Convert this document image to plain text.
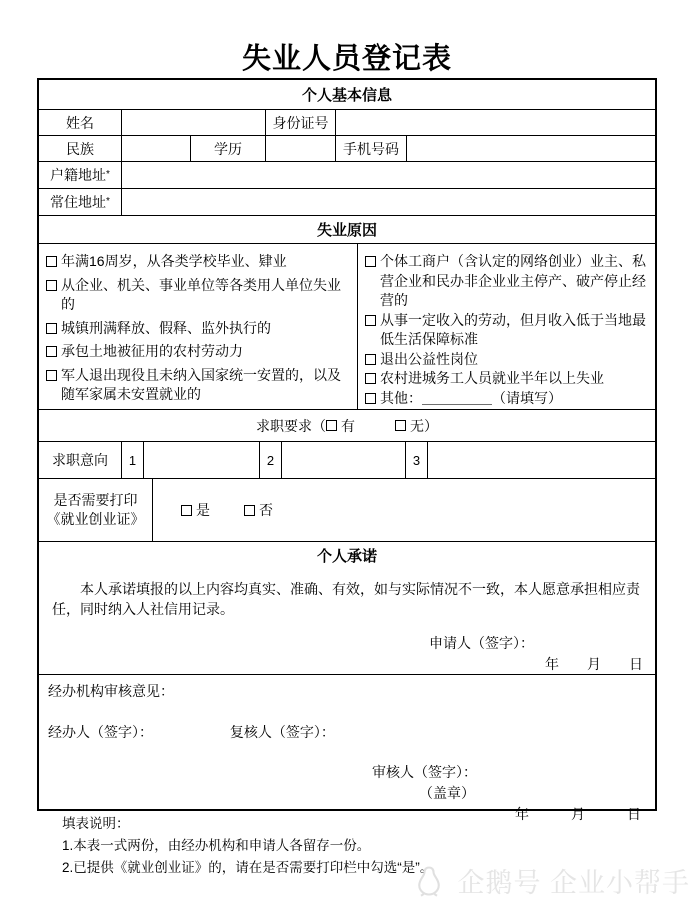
失业人员登记表
个人基本信息
姓名	身份证号
民族	学历	手机号码
户籍地址 *
常住地址 *
失业原因
年满16周岁，从各类学校毕业、肄业
从企业、机关、事业单位等各类用人单位失业的
城镇刑满释放、假释、监外执行的
承包土地被征用的农村劳动力
军人退出现役且未纳入国家统一安置的，以及随军家属未安置就业的
个体工商户（含认定的网络创业）业主、私营企业和民办非企业业主停产、破产停止经营的
从事一定收入的劳动，但月收入低于当地最低生活保障标准
退出公益性岗位
农村进城务工人员就业半年以上失业
其他：＿＿＿＿＿（请填写）
求职要求（ 有	无 ）
求职意向	1	2	3
是否需要打印
《就业创业证》
是	否
个人承诺

本人承诺填报的以上内容均真实、准确、有效，如与实际情况不一致，本人愿意承担相应责任，同时纳入人社信用记录。

申请人（签字）：
年　　月　　日
经办机构审核意见：
经办人（签字）：	复核人（签字）：
审核人（签字）：
（盖章）
年　　　月　　　日
填表说明：
1.本表一式两份，由经办机构和申请人各留存一份。
2.已提供《就业创业证》的，请在是否需要打印栏中勾选“是”。
企鹅号 企业小帮手
